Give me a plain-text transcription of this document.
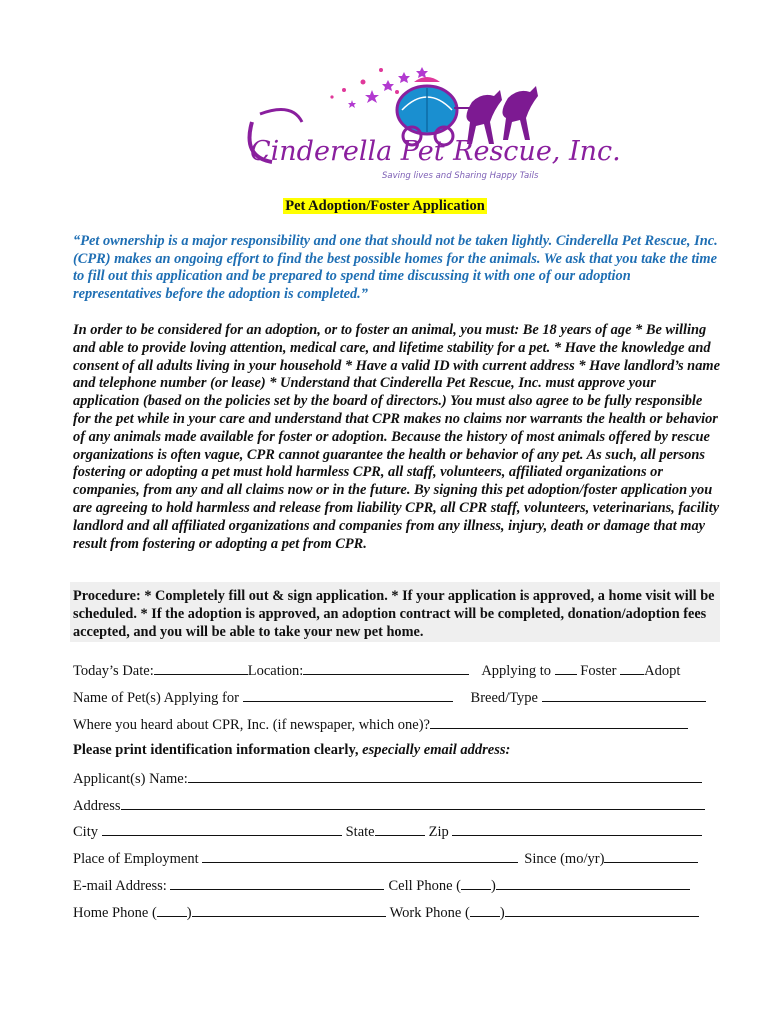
Cinderella Pet Rescue, Inc.
Saving lives and Sharing Happy Tails
Pet Adoption/Foster Application
“Pet ownership is a major responsibility and one that should not be taken lightly. Cinderella Pet Rescue, Inc. (CPR) makes an ongoing effort to find the best possible homes for the animals. We ask that you take the time to fill out this application and be prepared to spend time discussing it with one of our adoption representatives before the adoption is completed.”
In order to be considered for an adoption, or to foster an animal, you must: Be 18 years of age * Be willing and able to provide loving attention, medical care, and lifetime stability for a pet. * Have the knowledge and consent of all adults living in your household * Have a valid ID with current address * Have landlord’s name and telephone number (or lease) * Understand that Cinderella Pet Rescue, Inc. must approve your application (based on the policies set by the board of directors.) You must also agree to be fully responsible for the pet while in your care and understand that CPR makes no claims nor warrants the health or behavior of any animals made available for foster or adoption. Because the history of most animals offered by rescue organizations is often vague, CPR cannot guarantee the health or behavior of any pet. As such, all persons fostering or adopting a pet must hold harmless CPR, all staff, volunteers, affiliated organizations or companies, from any and all claims now or in the future. By signing this pet adoption/foster application you are agreeing to hold harmless and release from liability CPR, all CPR staff, volunteers, veterinarians, facility landlord and all affiliated organizations and companies from any illness, injury, death or damage that may result from fostering or adopting a pet from CPR.
Procedure: * Completely fill out & sign application. * If your application is approved, a home visit will be scheduled. * If the adoption is approved, an adoption contract will be completed, donation/adoption fees accepted, and you will be able to take your new pet home.
Today’s Date:	Location:	Applying to Foster Adopt
Name of Pet(s) Applying for	Breed/Type
Where you heard about CPR, Inc. (if newspaper, which one)?
Please print identification information clearly, especially email address:
Applicant(s) Name:
Address
City	State	Zip
Place of Employment	Since (mo/yr)
E-mail Address:	Cell Phone ( )
Home Phone ( )	Work Phone ( )
